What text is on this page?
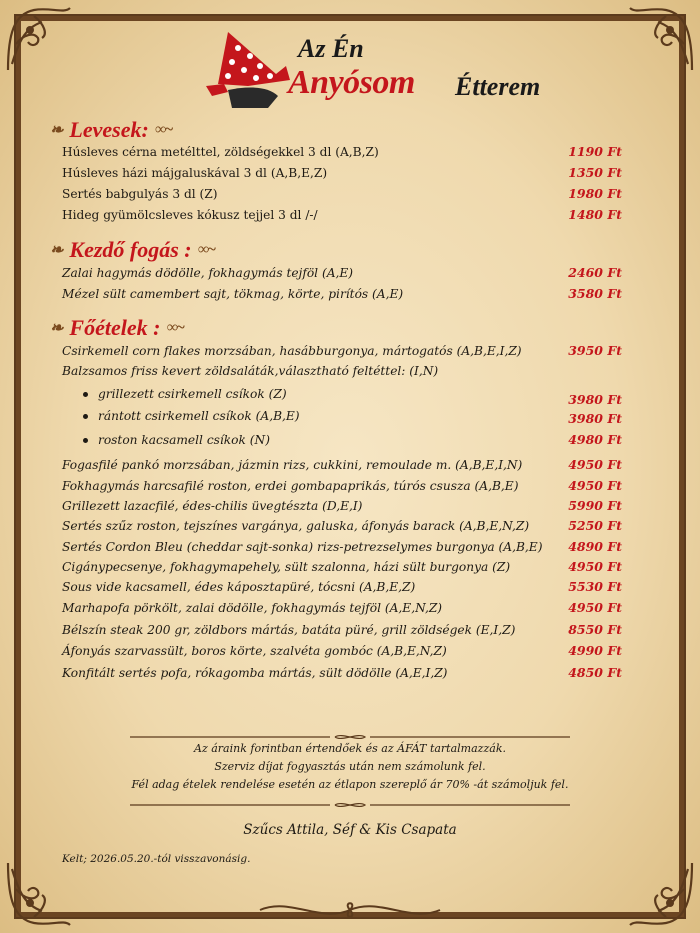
Az Én
Anyósom Étterem
❧ Levesek: ∞~
Húsleves cérna metélttel, zöldségekkel 3 dl (A,B,Z)	1190 Ft
Húsleves házi májgaluskával 3 dl (A,B,E,Z)	1350 Ft
Sertés babgulyás 3 dl (Z)	1980 Ft
Hideg gyümölcsleves kókusz tejjel 3 dl /-/	1480 Ft
❧ Kezdő fogás : ∞~
Zalai hagymás dödölle, fokhagymás tejföl (A,E)	2460 Ft
Mézel sült camembert sajt, tökmag, körte, pirítós (A,E)	3580 Ft
❧ Főételek : ∞~
Csirkemell corn flakes morzsában, hasábburgonya, mártogatós (A,B,E,I,Z)	3950 Ft
Balzsamos friss kevert zöldsaláták,választható feltéttel: (I,N)
grillezett csirkemell csíkok (Z)	3980 Ft
rántott csirkemell csíkok (A,B,E)	3980 Ft
roston kacsamell csíkok (N)	4980 Ft
Fogasfilé pankó morzsában, jázmin rizs, cukkini, remoulade m. (A,B,E,I,N)	4950 Ft
Fokhagymás harcsafilé roston, erdei gombapaprikás, túrós csusza (A,B,E)	4950 Ft
Grillezett lazacfilé, édes-chilis üvegtészta (D,E,I)	5990 Ft
Sertés szűz roston, tejszínes vargánya, galuska, áfonyás barack (A,B,E,N,Z)	5250 Ft
Sertés Cordon Bleu (cheddar sajt-sonka) rizs-petrezselymes burgonya (A,B,E) 4890 Ft
Cigánypecsenye, fokhagymapehely, sült szalonna, házi sült burgonya (Z)	4950 Ft
Sous vide kacsamell, édes káposztapüré, tócsni (A,B,E,Z)	5530 Ft
Marhapofa pörkölt, zalai dödölle, fokhagymás tejföl (A,E,N,Z)	4950 Ft
Bélszín steak 200 gr, zöldbors mártás, batáta püré, grill zöldségek (E,I,Z)	8550 Ft
Áfonyás szarvassült, boros körte, szalvéta gombóc (A,B,E,N,Z)	4990 Ft
Konfitált sertés pofa, rókagomba mártás, sült dödölle (A,E,I,Z)	4850 Ft
Az áraink forintban értendőek és az ÁFÁT tartalmazzák.
Szerviz díjat fogyasztás után nem számolunk fel.
Fél adag ételek rendelése esetén az étlapon szereplő ár 70% -át számoljuk fel.
Szűcs Attila, Séf & Kis Csapata
Kelt; 2026.05.20.-tól visszavonásig.
